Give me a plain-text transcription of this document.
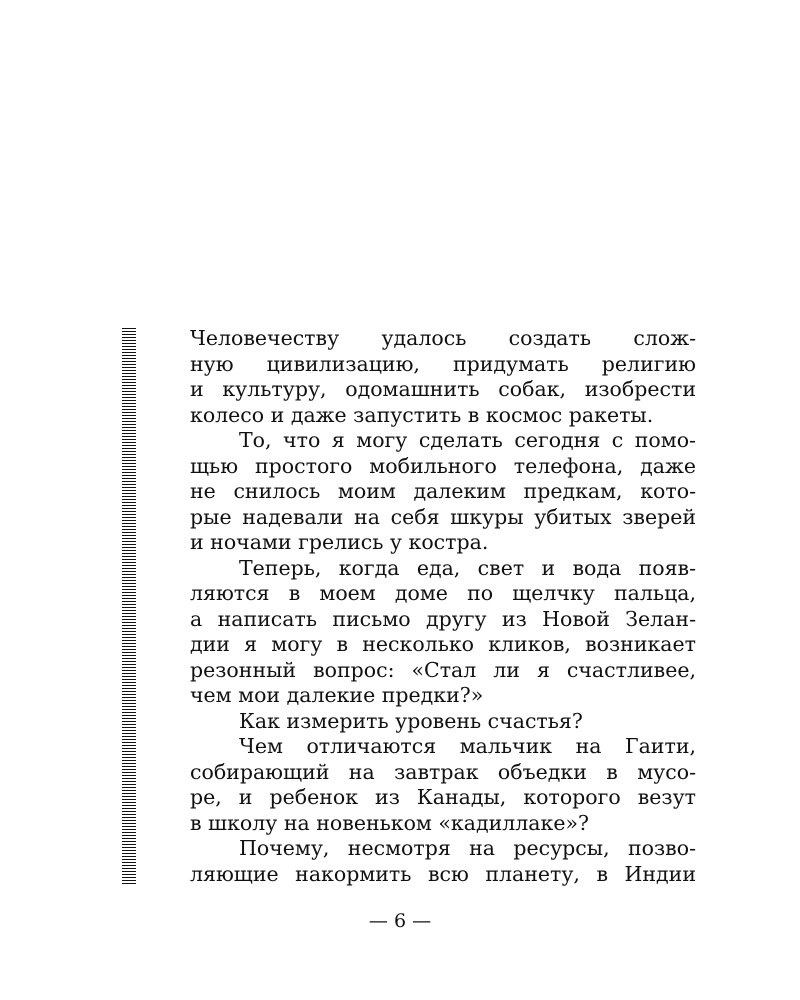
Человечеству удалось создать слож-
ную цивилизацию, придумать религию
и культуру, одомашнить собак, изобрести
колесо и даже запустить в космос ракеты.
То, что я могу сделать сегодня с помо-
щью простого мобильного телефона, даже
не снилось моим далеким предкам, кото-
рые надевали на себя шкуры убитых зверей
и ночами грелись у костра.
Теперь, когда еда, свет и вода появ-
ляются в моем доме по щелчку пальца,
а написать письмо другу из Новой Зелан-
дии я могу в несколько кликов, возникает
резонный вопрос: «Стал ли я счастливее,
чем мои далекие предки?»
Как измерить уровень счастья?
Чем отличаются мальчик на Гаити,
собирающий на завтрак объедки в мусо-
ре, и ребенок из Канады, которого везут
в школу на новеньком «кадиллаке»?
Почему, несмотря на ресурсы, позво-
ляющие накормить всю планету, в Индии
— 6 —
